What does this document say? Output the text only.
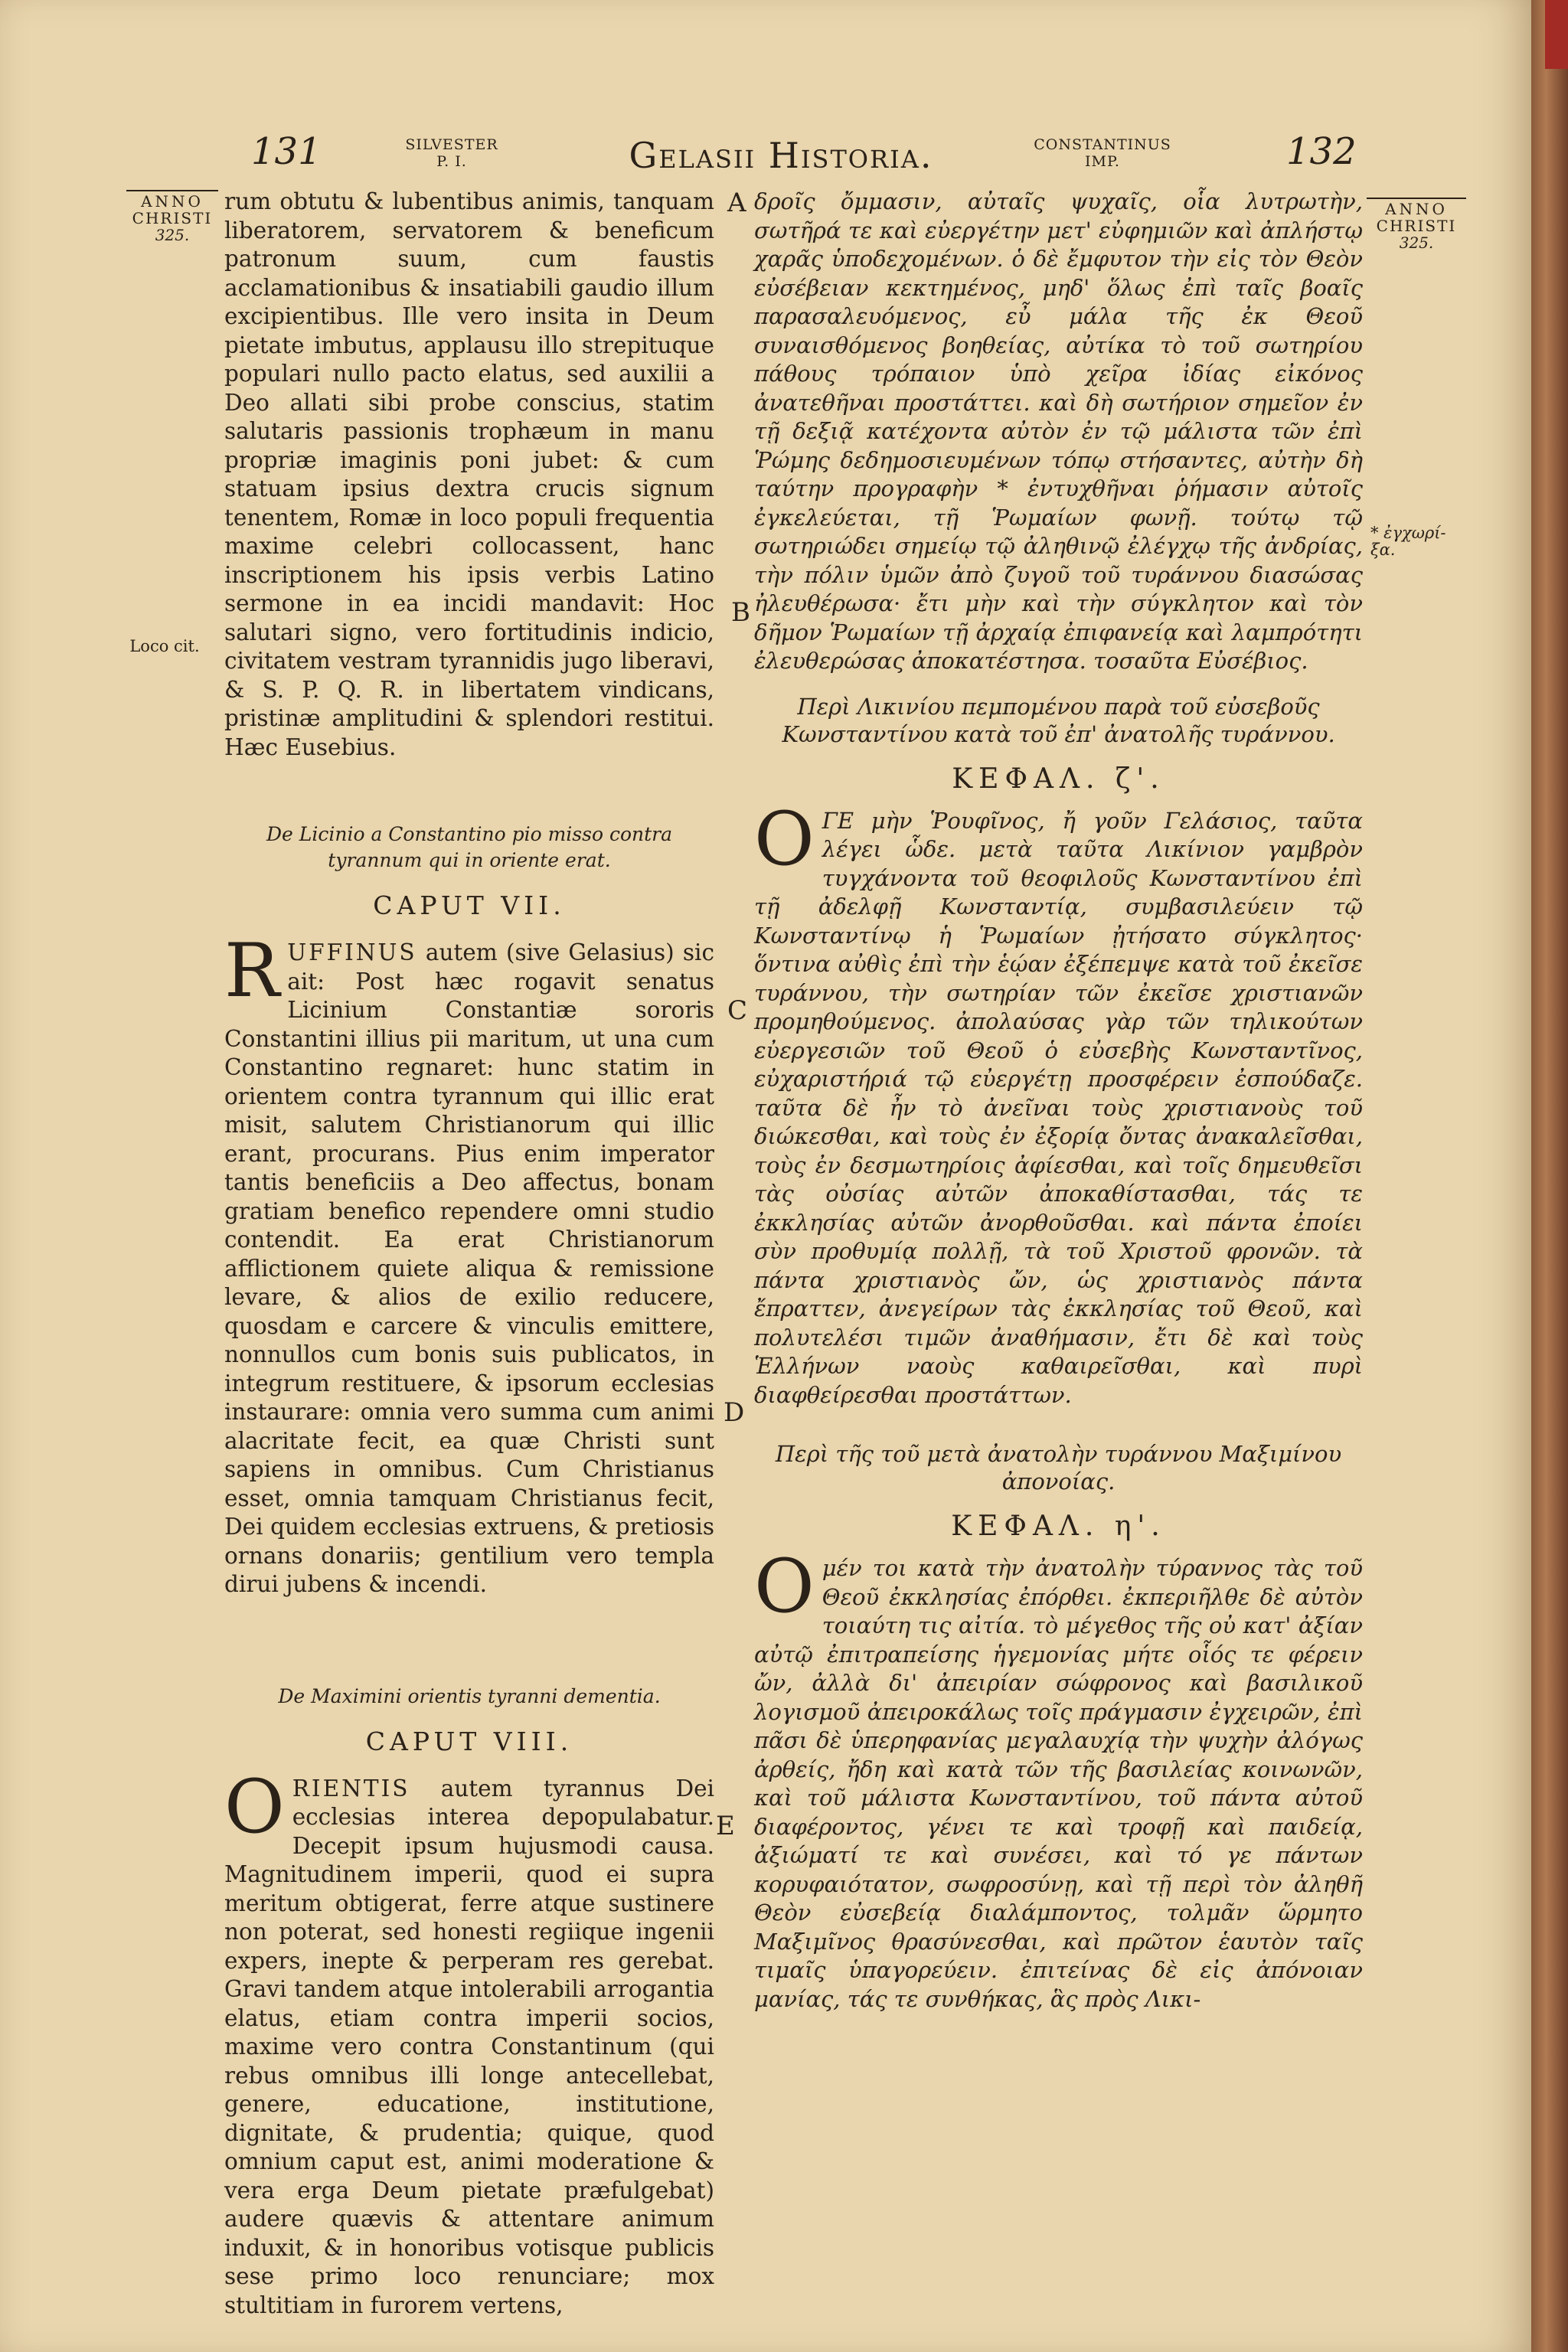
131	SILVESTER
P. I.	Gelasii Historia.	CONSTANTINUS
IMP.	132
ANNO
CHRISTI
325.
ANNO
CHRISTI
325.
Loco cit.
* ἐγχωρί-ξα.
A
B
C
D
E

rum obtutu & lubentibus animis, tanquam liberatorem, servatorem & beneficum patronum suum, cum faustis acclamationibus & insatiabili gaudio illum excipientibus. Ille vero insita in Deum pietate imbutus, applausu illo strepituque populari nullo pacto elatus, sed auxilii a Deo allati sibi probe conscius, statim salutaris passionis trophæum in manu propriæ imaginis poni jubet: & cum statuam ipsius dextra crucis signum tenentem, Romæ in loco populi frequentia maxime celebri collocassent, hanc inscriptionem his ipsis verbis Latino sermone in ea incidi mandavit: Hoc salutari signo, vero fortitudinis indicio, civitatem vestram tyrannidis jugo liberavi, & S. P. Q. R. in libertatem vindicans, pristinæ amplitudini & splendori restitui. Hæc Eusebius.

De Licinio a Constantino pio misso contra tyrannum qui in oriente erat.

CAPUT VII.

RUFFINUS autem (sive Gelasius) sic ait: Post hæc rogavit senatus Licinium Constantiæ sororis Constantini illius pii maritum, ut una cum Constantino regnaret: hunc statim in orientem contra tyrannum qui illic erat misit, salutem Christianorum qui illic erant, procurans. Pius enim imperator tantis beneficiis a Deo affectus, bonam gratiam benefico rependere omni studio contendit. Ea erat Christianorum afflictionem quiete aliqua & remissione levare, & alios de exilio reducere, quosdam e carcere & vinculis emittere, nonnullos cum bonis suis publicatos, in integrum restituere, & ipsorum ecclesias instaurare: omnia vero summa cum animi alacritate fecit, ea quæ Christi sunt sapiens in omnibus. Cum Christianus esset, omnia tamquam Christianus fecit, Dei quidem ecclesias extruens, & pretiosis ornans donariis; gentilium vero templa dirui jubens & incendi.

De Maximini orientis tyranni dementia.

CAPUT VIII.

ORIENTIS autem tyrannus Dei ecclesias interea depopulabatur. Decepit ipsum hujusmodi causa. Magnitudinem imperii, quod ei supra meritum obtigerat, ferre atque sustinere non poterat, sed honesti regiique ingenii expers, inepte & perperam res gerebat. Gravi tandem atque intolerabili arrogantia elatus, etiam contra imperii socios, maxime vero contra Constantinum (qui rebus omnibus illi longe antecellebat, genere, educatione, institutione, dignitate, & prudentia; quique, quod omnium caput est, animi moderatione & vera erga Deum pietate præfulgebat) audere quævis & attentare animum induxit, & in honoribus votisque publicis sese primo loco renunciare; mox stultitiam in furorem vertens,

δροῖς ὄμμασιν, αὐταῖς ψυχαῖς, οἷα λυτρωτὴν, σωτῆρά τε καὶ εὐεργέτην μετ' εὐφημιῶν καὶ ἀπλήστῳ χαρᾶς ὑποδεχομένων. ὁ δὲ ἔμφυτον τὴν εἰς τὸν Θεὸν εὐσέβειαν κεκτημένος, μηδ' ὅλως ἐπὶ ταῖς βοαῖς παρασαλευόμενος, εὖ μάλα τῆς ἐκ Θεοῦ συναισθόμενος βοηθείας, αὐτίκα τὸ τοῦ σωτηρίου πάθους τρόπαιον ὑπὸ χεῖρα ἰδίας εἰκόνος ἀνατεθῆναι προστάττει. καὶ δὴ σωτήριον σημεῖον ἐν τῇ δεξιᾷ κατέχοντα αὐτὸν ἐν τῷ μάλιστα τῶν ἐπὶ Ῥώμης δεδημοσιευμένων τόπῳ στήσαντες, αὐτὴν δὴ ταύτην προγραφὴν * ἐντυχθῆναι ῥήμασιν αὐτοῖς ἐγκελεύεται, τῇ Ῥωμαίων φωνῇ. τούτῳ τῷ σωτηριώδει σημείῳ τῷ ἀληθινῷ ἐλέγχῳ τῆς ἀνδρίας, τὴν πόλιν ὑμῶν ἀπὸ ζυγοῦ τοῦ τυράννου διασώσας ἠλευθέρωσα· ἔτι μὴν καὶ τὴν σύγκλητον καὶ τὸν δῆμον Ῥωμαίων τῇ ἀρχαίᾳ ἐπιφανείᾳ καὶ λαμπρότητι ἐλευθερώσας ἀποκατέστησα. τοσαῦτα Εὐσέβιος.

Περὶ Λικινίου πεμπομένου παρὰ τοῦ εὐσεβοῦς Κωνσταντίνου κατὰ τοῦ ἐπ' ἀνατολῆς τυράννου.

ΚΕΦΑΛ. ζ'.

ΟΓΕ μὴν Ῥουφῖνος, ἤ γοῦν Γελάσιος, ταῦτα λέγει ὧδε. μετὰ ταῦτα Λικίνιον γαμβρὸν τυγχάνοντα τοῦ θεοφιλοῦς Κωνσταντίνου ἐπὶ τῇ ἀδελφῇ Κωνσταντίᾳ, συμβασιλεύειν τῷ Κωνσταντίνῳ ἡ Ῥωμαίων ᾐτήσατο σύγκλητος· ὅντινα αὐθὶς ἐπὶ τὴν ἑῴαν ἐξέπεμψε κατὰ τοῦ ἐκεῖσε τυράννου, τὴν σωτηρίαν τῶν ἐκεῖσε χριστιανῶν προμηθούμενος. ἀπολαύσας γὰρ τῶν τηλικούτων εὐεργεσιῶν τοῦ Θεοῦ ὁ εὐσεβὴς Κωνσταντῖνος, εὐχαριστήριά τῷ εὐεργέτῃ προσφέρειν ἐσπούδαζε. ταῦτα δὲ ἦν τὸ ἀνεῖναι τοὺς χριστιανοὺς τοῦ διώκεσθαι, καὶ τοὺς ἐν ἐξορίᾳ ὄντας ἀνακαλεῖσθαι, τοὺς ἐν δεσμωτηρίοις ἀφίεσθαι, καὶ τοῖς δημευθεῖσι τὰς οὐσίας αὐτῶν ἀποκαθίστασθαι, τάς τε ἐκκλησίας αὐτῶν ἀνορθοῦσθαι. καὶ πάντα ἐποίει σὺν προθυμίᾳ πολλῇ, τὰ τοῦ Χριστοῦ φρονῶν. τὰ πάντα χριστιανὸς ὤν, ὡς χριστιανὸς πάντα ἔπραττεν, ἀνεγείρων τὰς ἐκκλησίας τοῦ Θεοῦ, καὶ πολυτελέσι τιμῶν ἀναθήμασιν, ἔτι δὲ καὶ τοὺς Ἑλλήνων ναοὺς καθαιρεῖσθαι, καὶ πυρὶ διαφθείρεσθαι προστάττων.

Περὶ τῆς τοῦ μετὰ ἀνατολὴν τυράννου Μαξιμίνου ἀπονοίας.

ΚΕΦΑΛ. η'.

Ομέν τοι κατὰ τὴν ἀνατολὴν τύραννος τὰς τοῦ Θεοῦ ἐκκλησίας ἐπόρθει. ἐκπεριῆλθε δὲ αὐτὸν τοιαύτη τις αἰτία. τὸ μέγεθος τῆς οὐ κατ' ἀξίαν αὐτῷ ἐπιτραπείσης ἡγεμονίας μήτε οἷός τε φέρειν ὤν, ἀλλὰ δι' ἀπειρίαν σώφρονος καὶ βασιλικοῦ λογισμοῦ ἀπειροκάλως τοῖς πράγμασιν ἐγχειρῶν, ἐπὶ πᾶσι δὲ ὑπερηφανίας μεγαλαυχίᾳ τὴν ψυχὴν ἀλόγως ἀρθείς, ἤδη καὶ κατὰ τῶν τῆς βασιλείας κοινωνῶν, καὶ τοῦ μάλιστα Κωνσταντίνου, τοῦ πάντα αὐτοῦ διαφέροντος, γένει τε καὶ τροφῇ καὶ παιδείᾳ, ἀξιώματί τε καὶ συνέσει, καὶ τό γε πάντων κορυφαιότατον, σωφροσύνῃ, καὶ τῇ περὶ τὸν ἀληθῆ Θεὸν εὐσεβείᾳ διαλάμποντος, τολμᾶν ὥρμητο Μαξιμῖνος θρασύνεσθαι, καὶ πρῶτον ἑαυτὸν ταῖς τιμαῖς ὑπαγορεύειν. ἐπιτείνας δὲ εἰς ἀπόνοιαν μανίας, τάς τε συνθήκας, ἃς πρὸς Λικι-
